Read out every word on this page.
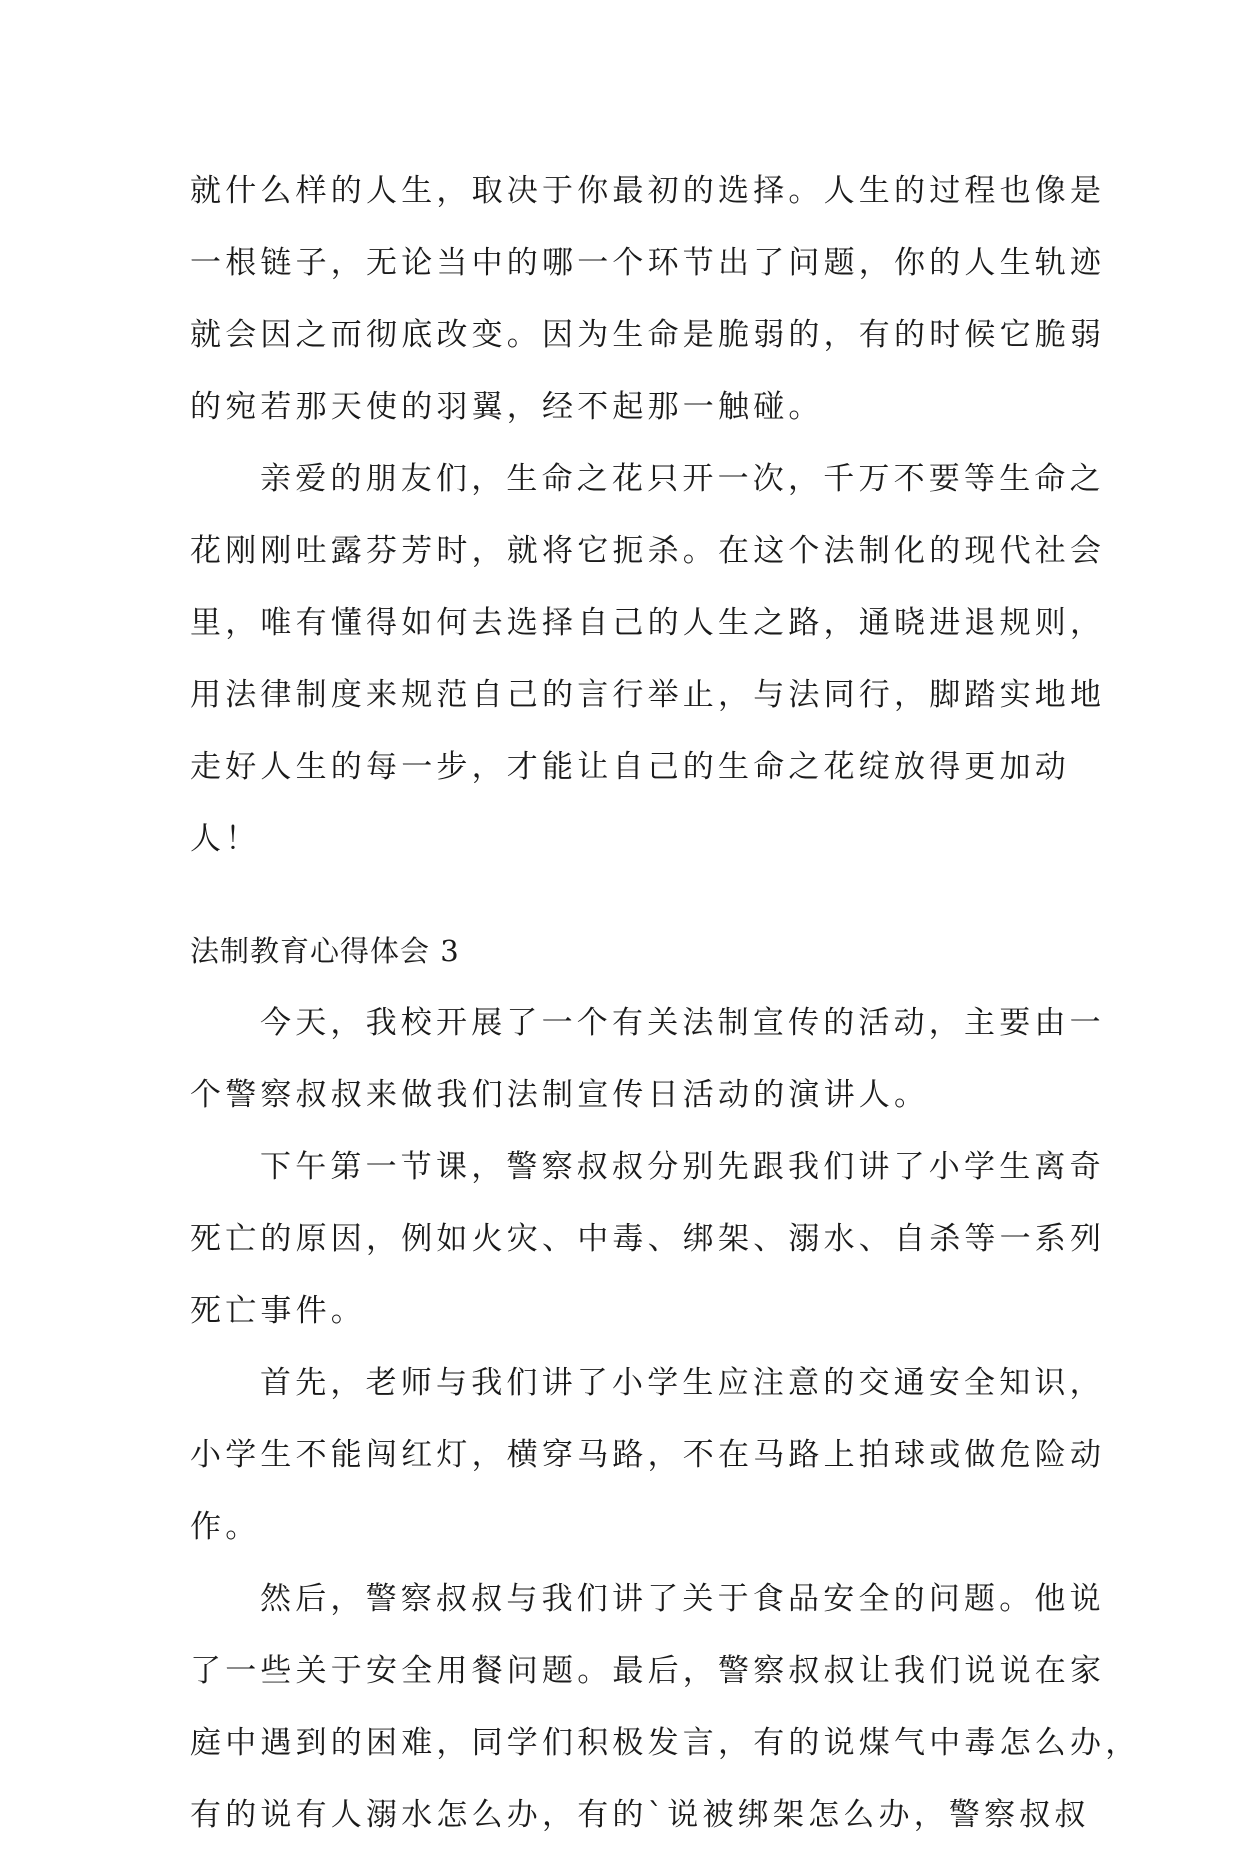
就什么样的人生，取决于你最初的选择。人生的过程也像是
一根链子，无论当中的哪一个环节出了问题，你的人生轨迹
就会因之而彻底改变。因为生命是脆弱的，有的时候它脆弱
的宛若那天使的羽翼，经不起那一触碰。
亲爱的朋友们，生命之花只开一次，千万不要等生命之
花刚刚吐露芬芳时，就将它扼杀。在这个法制化的现代社会
里，唯有懂得如何去选择自己的人生之路，通晓进退规则，
用法律制度来规范自己的言行举止，与法同行，脚踏实地地
走好人生的每一步，才能让自己的生命之花绽放得更加动
人！
法制教育心得体会 3
今天，我校开展了一个有关法制宣传的活动，主要由一
个警察叔叔来做我们法制宣传日活动的演讲人。
下午第一节课，警察叔叔分别先跟我们讲了小学生离奇
死亡的原因，例如火灾、中毒、绑架、溺水、自杀等一系列
死亡事件。
首先，老师与我们讲了小学生应注意的交通安全知识，
小学生不能闯红灯，横穿马路，不在马路上拍球或做危险动
作。
然后，警察叔叔与我们讲了关于食品安全的问题。他说
了一些关于安全用餐问题。最后，警察叔叔让我们说说在家
庭中遇到的困难，同学们积极发言，有的说煤气中毒怎么办，
有的说有人溺水怎么办，有的`说被绑架怎么办，警察叔叔
